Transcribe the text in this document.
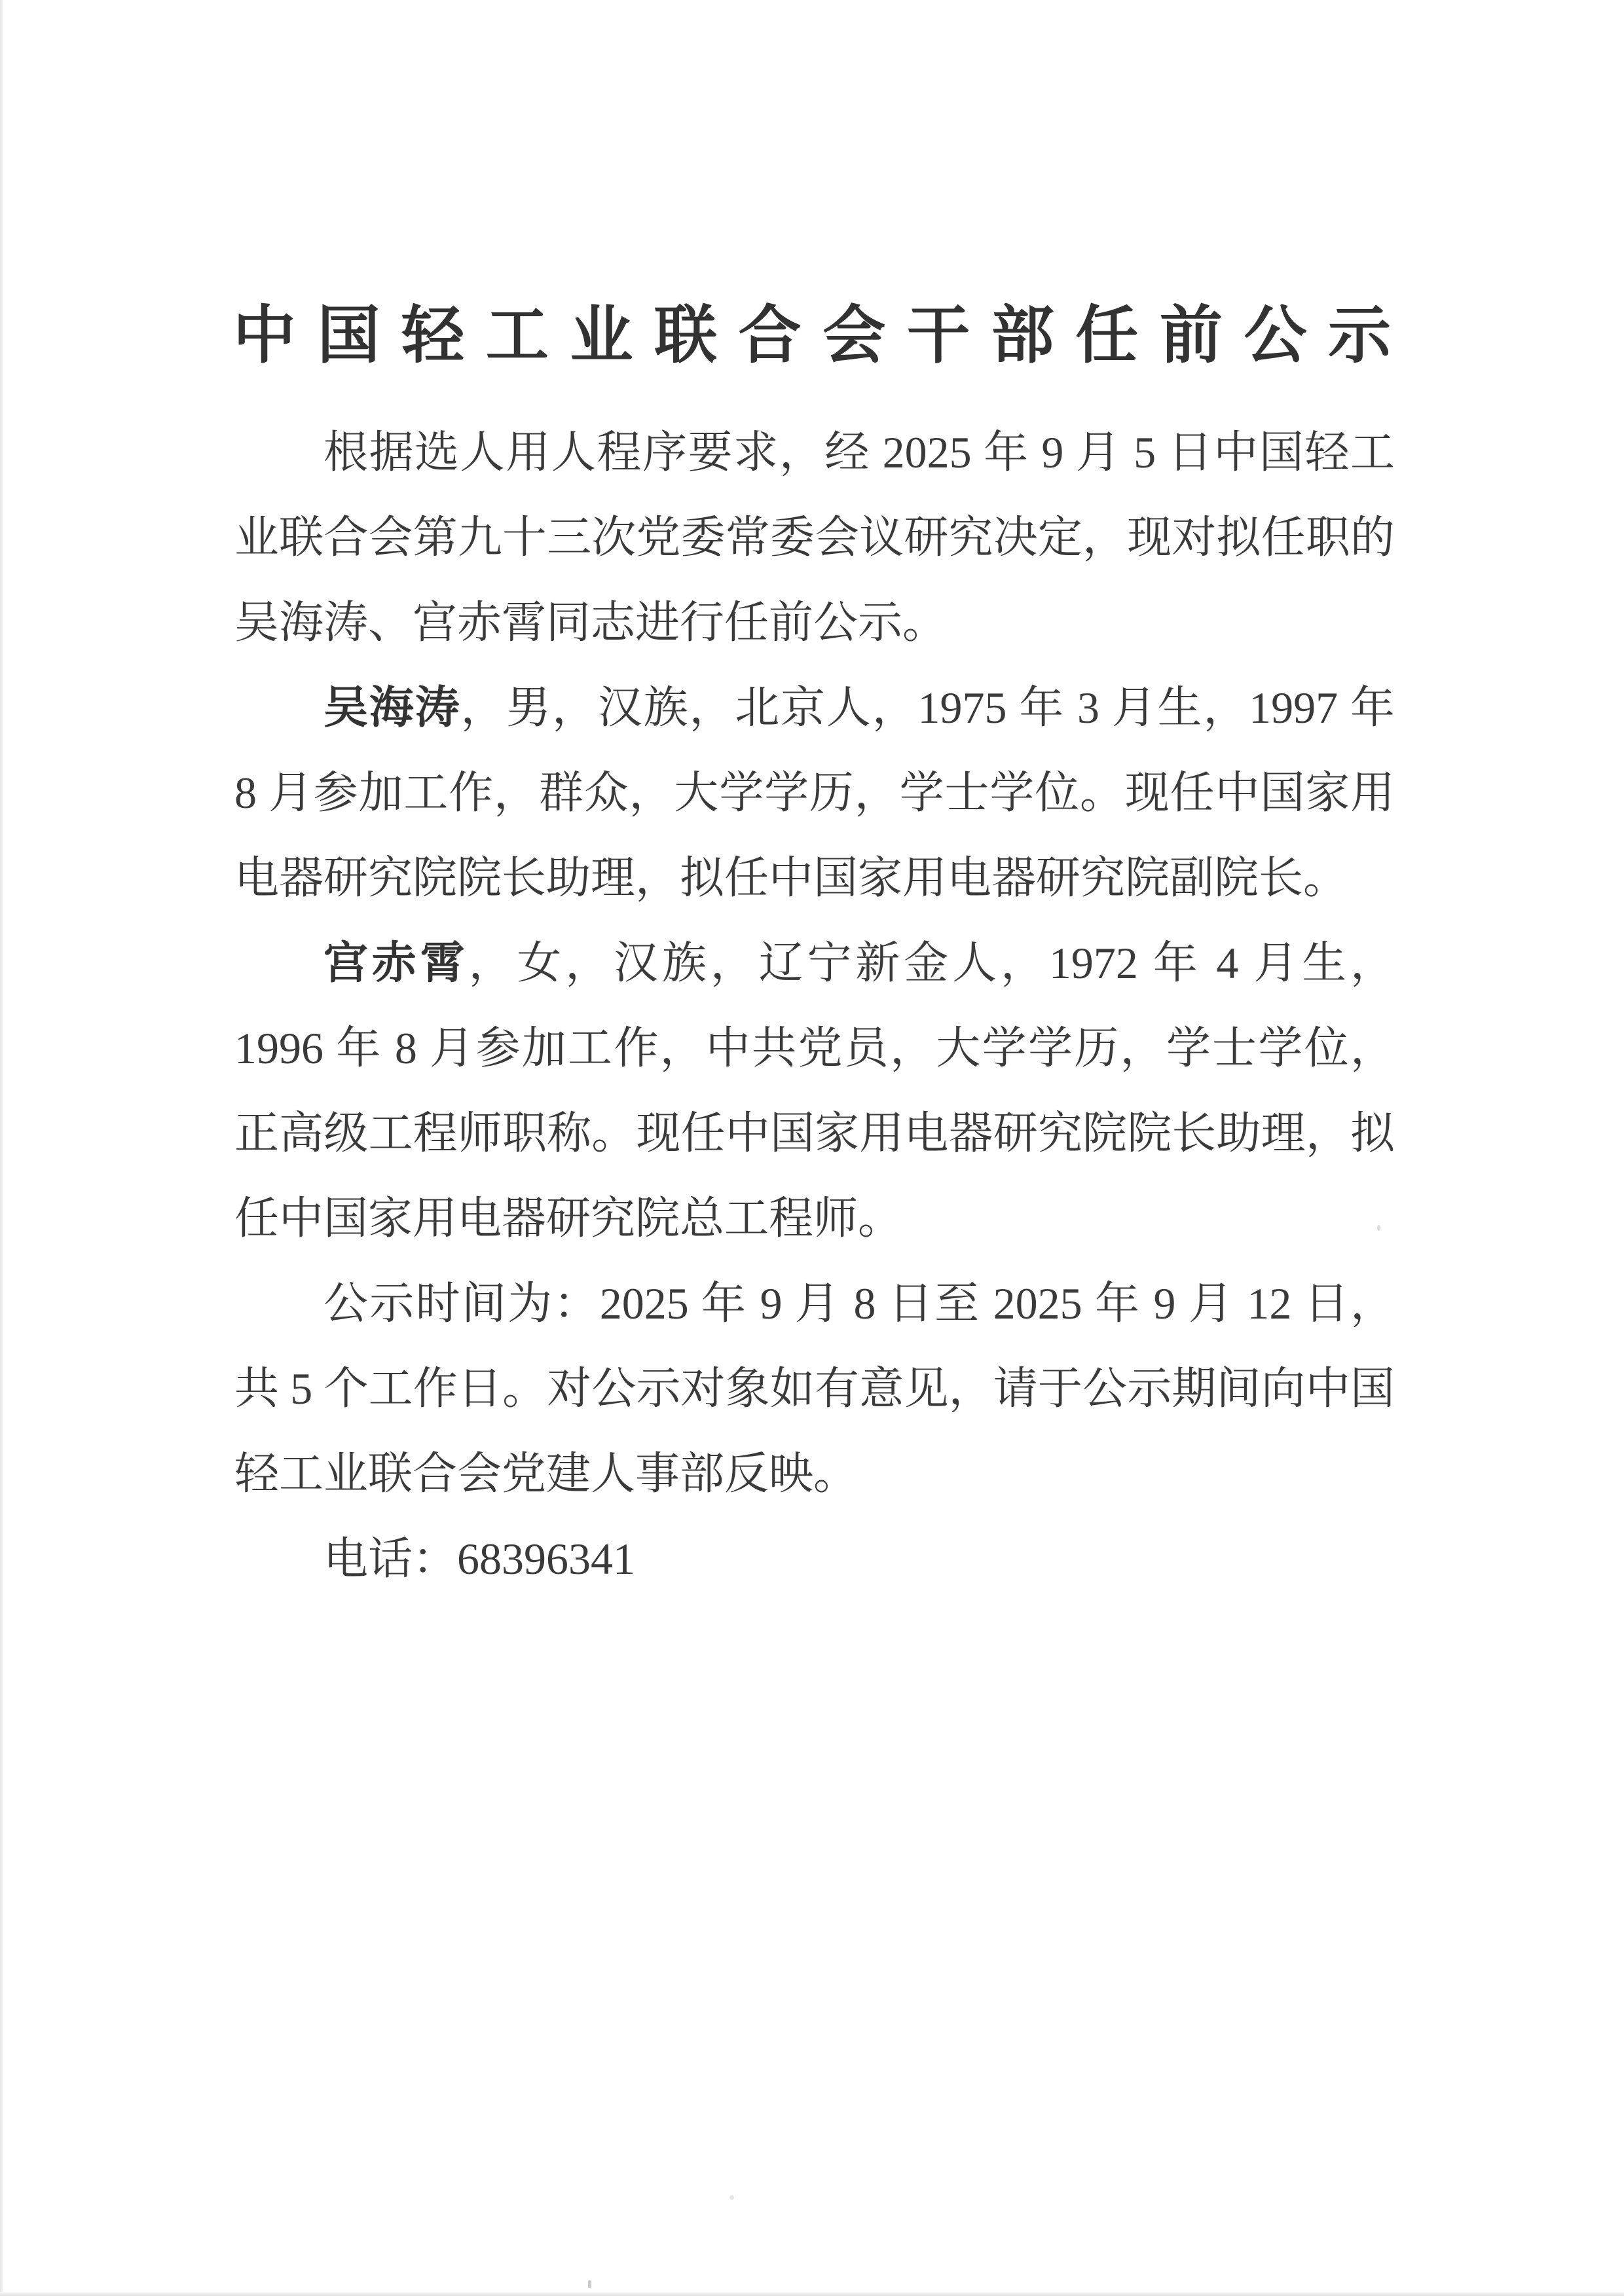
中国轻工业联合会干部任前公示

根据选人用人程序要求，经 2025 年 9 月 5 日中国轻工业联合会第九十三次党委常委会议研究决定，现对拟任职的吴海涛、宫赤霄同志进行任前公示。

吴海涛，男，汉族，北京人，1975 年 3 月生，1997 年 8 月参加工作，群众，大学学历，学士学位。现任中国家用电器研究院院长助理，拟任中国家用电器研究院副院长。

宫赤霄，女，汉族，辽宁新金人，1972 年 4 月生，1996 年 8 月参加工作，中共党员，大学学历，学士学位，正高级工程师职称。现任中国家用电器研究院院长助理，拟任中国家用电器研究院总工程师。

公示时间为：2025 年 9 月 8 日至 2025 年 9 月 12 日，共 5 个工作日。对公示对象如有意见，请于公示期间向中国轻工业联合会党建人事部反映。

电话：68396341
